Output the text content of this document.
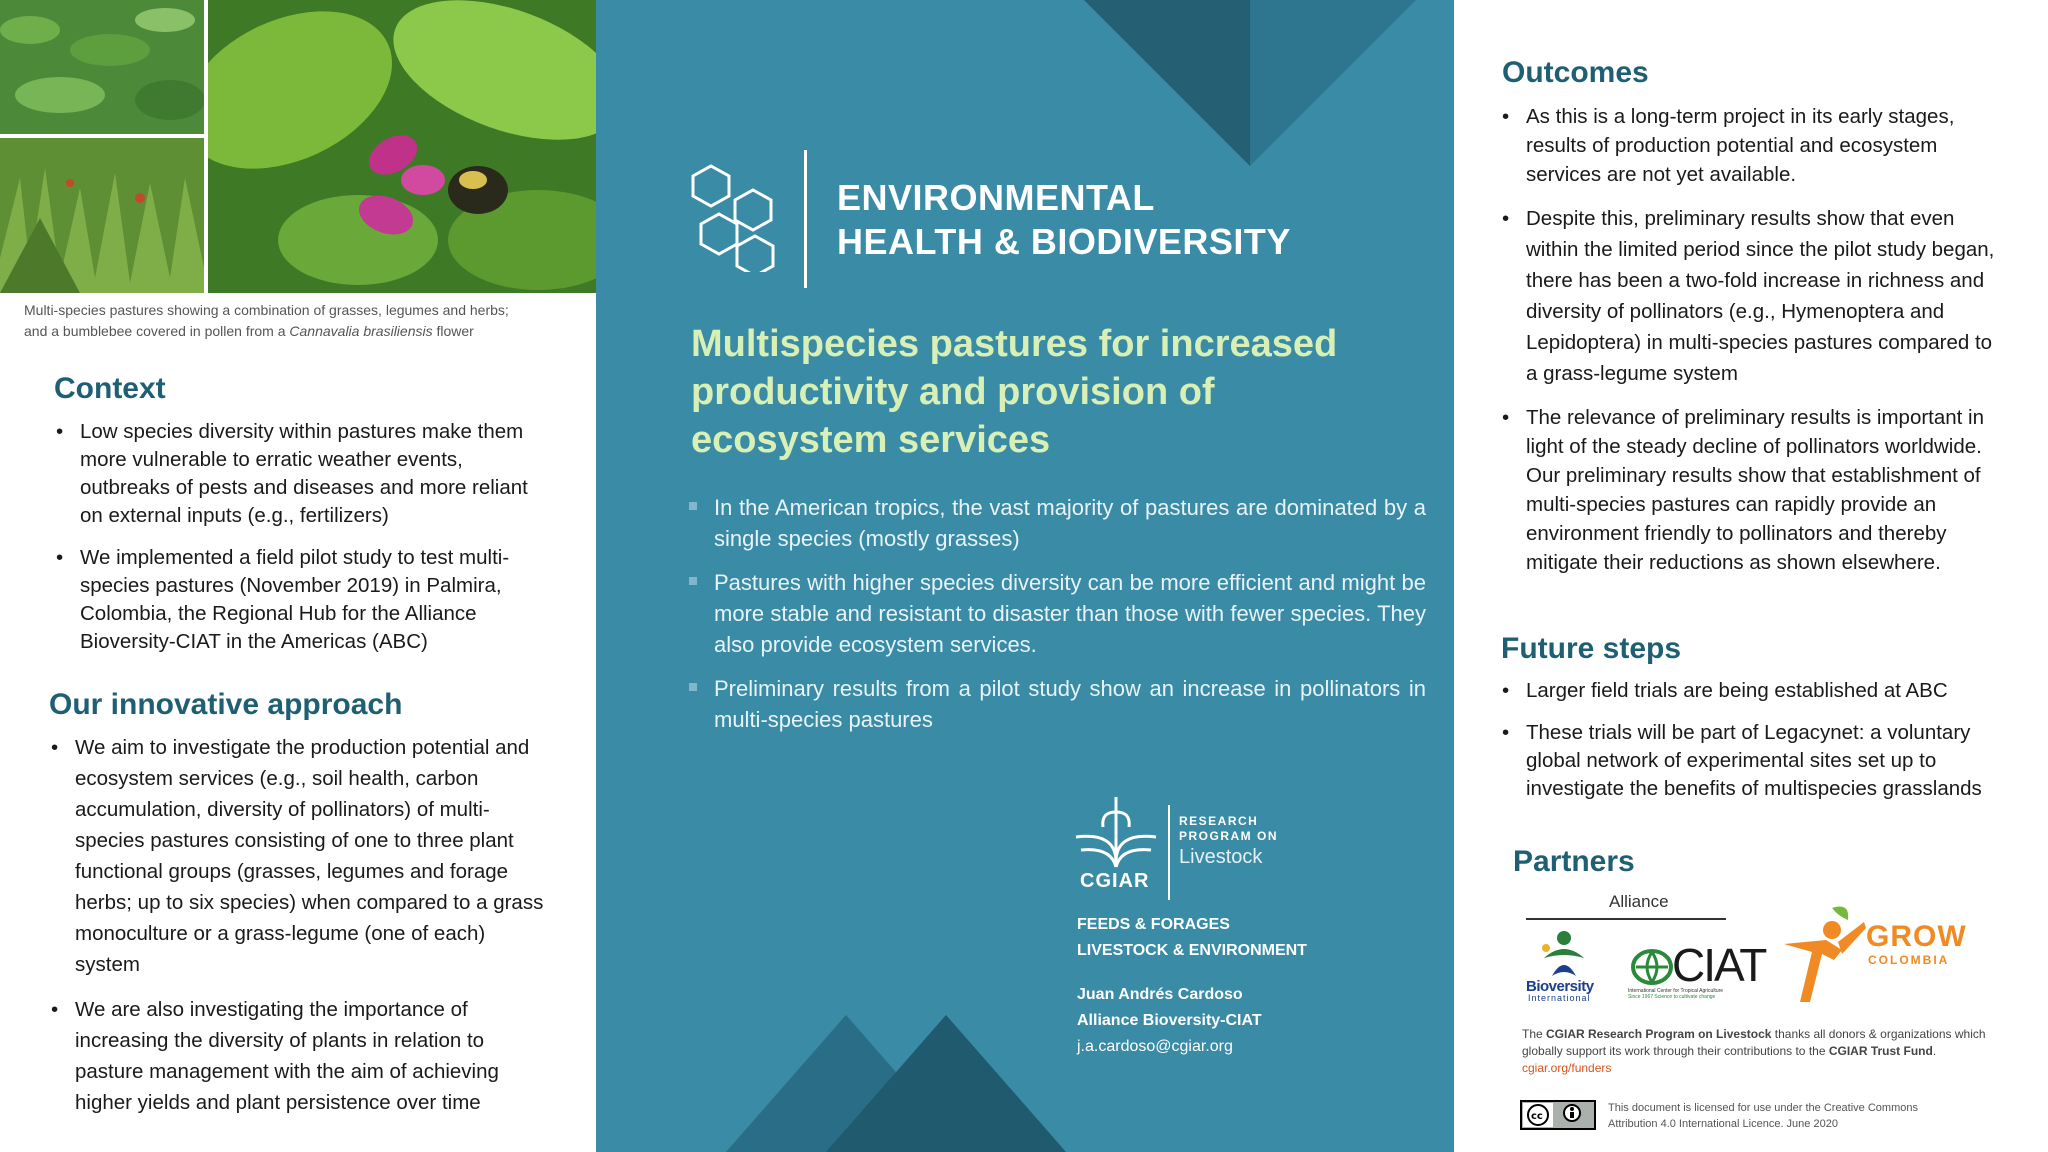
Multi-species pastures showing a combination of grasses, legumes and herbs;
and a bumblebee covered in pollen from a Cannavalia brasiliensis flower
Context
• Low species diversity within pastures make them more vulnerable to erratic weather events, outbreaks of pests and diseases and more reliant on external inputs (e.g., fertilizers)
• We implemented a field pilot study to test multi-species pastures (November 2019) in Palmira, Colombia, the Regional Hub for the Alliance Bioversity-CIAT in the Americas (ABC)
Our innovative approach
• We aim to investigate the production potential and ecosystem services (e.g., soil health, carbon accumulation, diversity of pollinators) of multi-species pastures consisting of one to three plant functional groups (grasses, legumes and forage herbs; up to six species) when compared to a grass monoculture or a grass-legume (one of each) system
• We are also investigating the importance of increasing the diversity of plants in relation to pasture management with the aim of achieving higher yields and plant persistence over time
ENVIRONMENTAL
HEALTH & BIODIVERSITY
Multispecies pastures for increased productivity and provision of ecosystem services
In the American tropics, the vast majority of pastures are dominated by a single species (mostly grasses)
Pastures with higher species diversity can be more efficient and might be more stable and resistant to disaster than those with fewer species. They also provide ecosystem services.
Preliminary results from a pilot study show an increase in pollinators in multi-species pastures
CGIAR
RESEARCH
PROGRAM ON
Livestock
FEEDS & FORAGES
LIVESTOCK & ENVIRONMENT
Juan Andrés Cardoso
Alliance Bioversity-CIAT
j.a.cardoso@cgiar.org
Outcomes
• As this is a long-term project in its early stages, results of production potential and ecosystem services are not yet available.
• Despite this, preliminary results show that even within the limited period since the pilot study began, there has been a two-fold increase in richness and diversity of pollinators (e.g., Hymenoptera and Lepidoptera) in multi-species pastures compared to a grass-legume system
• The relevance of preliminary results is important in light of the steady decline of pollinators worldwide. Our preliminary results show that establishment of multi-species pastures can rapidly provide an environment friendly to pollinators and thereby mitigate their reductions as shown elsewhere.
Future steps
• Larger field trials are being established at ABC
• These trials will be part of Legacynet: a voluntary global network of experimental sites set up to investigate the benefits of multispecies grasslands
Partners
Alliance
Bioversity
International
CIAT
International Center for Tropical Agriculture
Since 1967 Science to cultivate change
GROW
COLOMBIA
The CGIAR Research Program on Livestock thanks all donors & organizations which globally support its work through their contributions to the CGIAR Trust Fund. cgiar.org/funders
cc
This document is licensed for use under the Creative Commons Attribution 4.0 International Licence. June 2020
